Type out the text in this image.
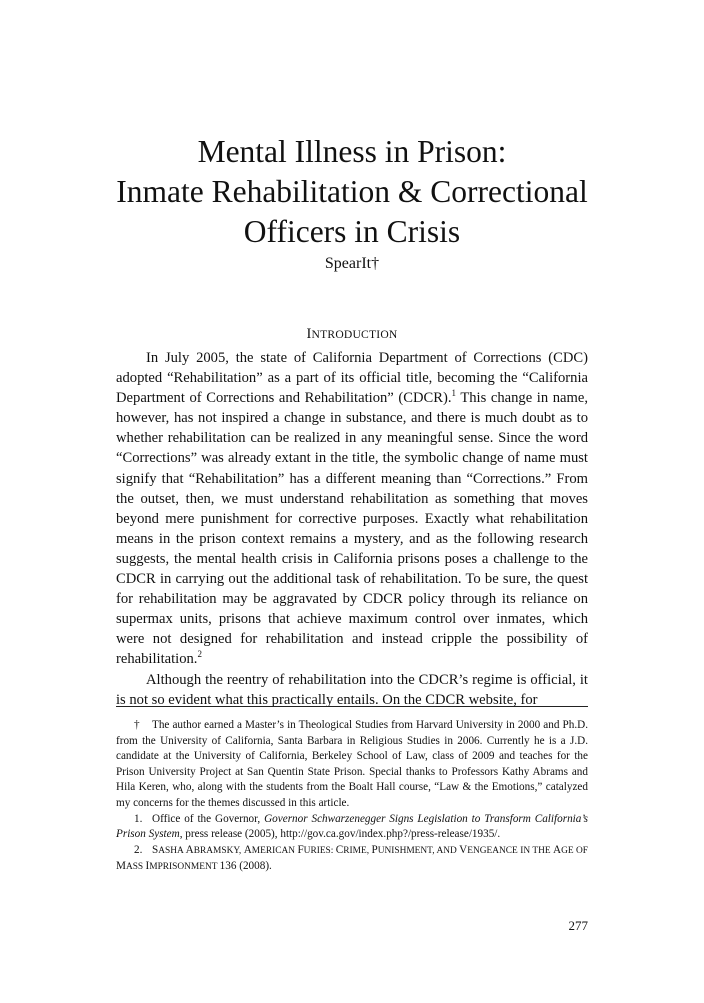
Mental Illness in Prison:
Inmate Rehabilitation & Correctional
Officers in Crisis

SpearIt†

INTRODUCTION

In July 2005, the state of California Department of Corrections (CDC) adopted “Rehabilitation” as a part of its official title, becoming the “California Department of Corrections and Rehabilitation” (CDCR).$^1$ This change in name, however, has not inspired a change in substance, and there is much doubt as to whether rehabilitation can be realized in any meaningful sense. Since the word “Corrections” was already extant in the title, the symbolic change of name must signify that “Rehabilitation” has a different meaning than “Corrections.” From the outset, then, we must understand rehabilitation as something that moves beyond mere punishment for corrective purposes. Exactly what rehabilitation means in the prison context remains a mystery, and as the following research suggests, the mental health crisis in California prisons poses a challenge to the CDCR in carrying out the additional task of rehabilitation. To be sure, the quest for rehabilitation may be aggravated by CDCR policy through its reliance on supermax units, prisons that achieve maximum control over inmates, which were not designed for rehabilitation and instead cripple the possibility of rehabilitation.$^2$

Although the reentry of rehabilitation into the CDCR’s regime is official, it is not so evident what this practically entails. On the CDCR website, for

† The author earned a Master’s in Theological Studies from Harvard University in 2000 and Ph.D. from the University of California, Santa Barbara in Religious Studies in 2006. Currently he is a J.D. candidate at the University of California, Berkeley School of Law, class of 2009 and teaches for the Prison University Project at San Quentin State Prison. Special thanks to Professors Kathy Abrams and Hila Keren, who, along with the students from the Boalt Hall course, “Law & the Emotions,” catalyzed my concerns for the themes discussed in this article.

1. Office of the Governor, Governor Schwarzenegger Signs Legislation to Transform California’s Prison System, press release (2005), http://gov.ca.gov/index.php?/press-release/1935/.

2. SASHA ABRAMSKY, AMERICAN FURIES: CRIME, PUNISHMENT, AND VENGEANCE IN THE AGE OF MASS IMPRISONMENT 136 (2008).

277
